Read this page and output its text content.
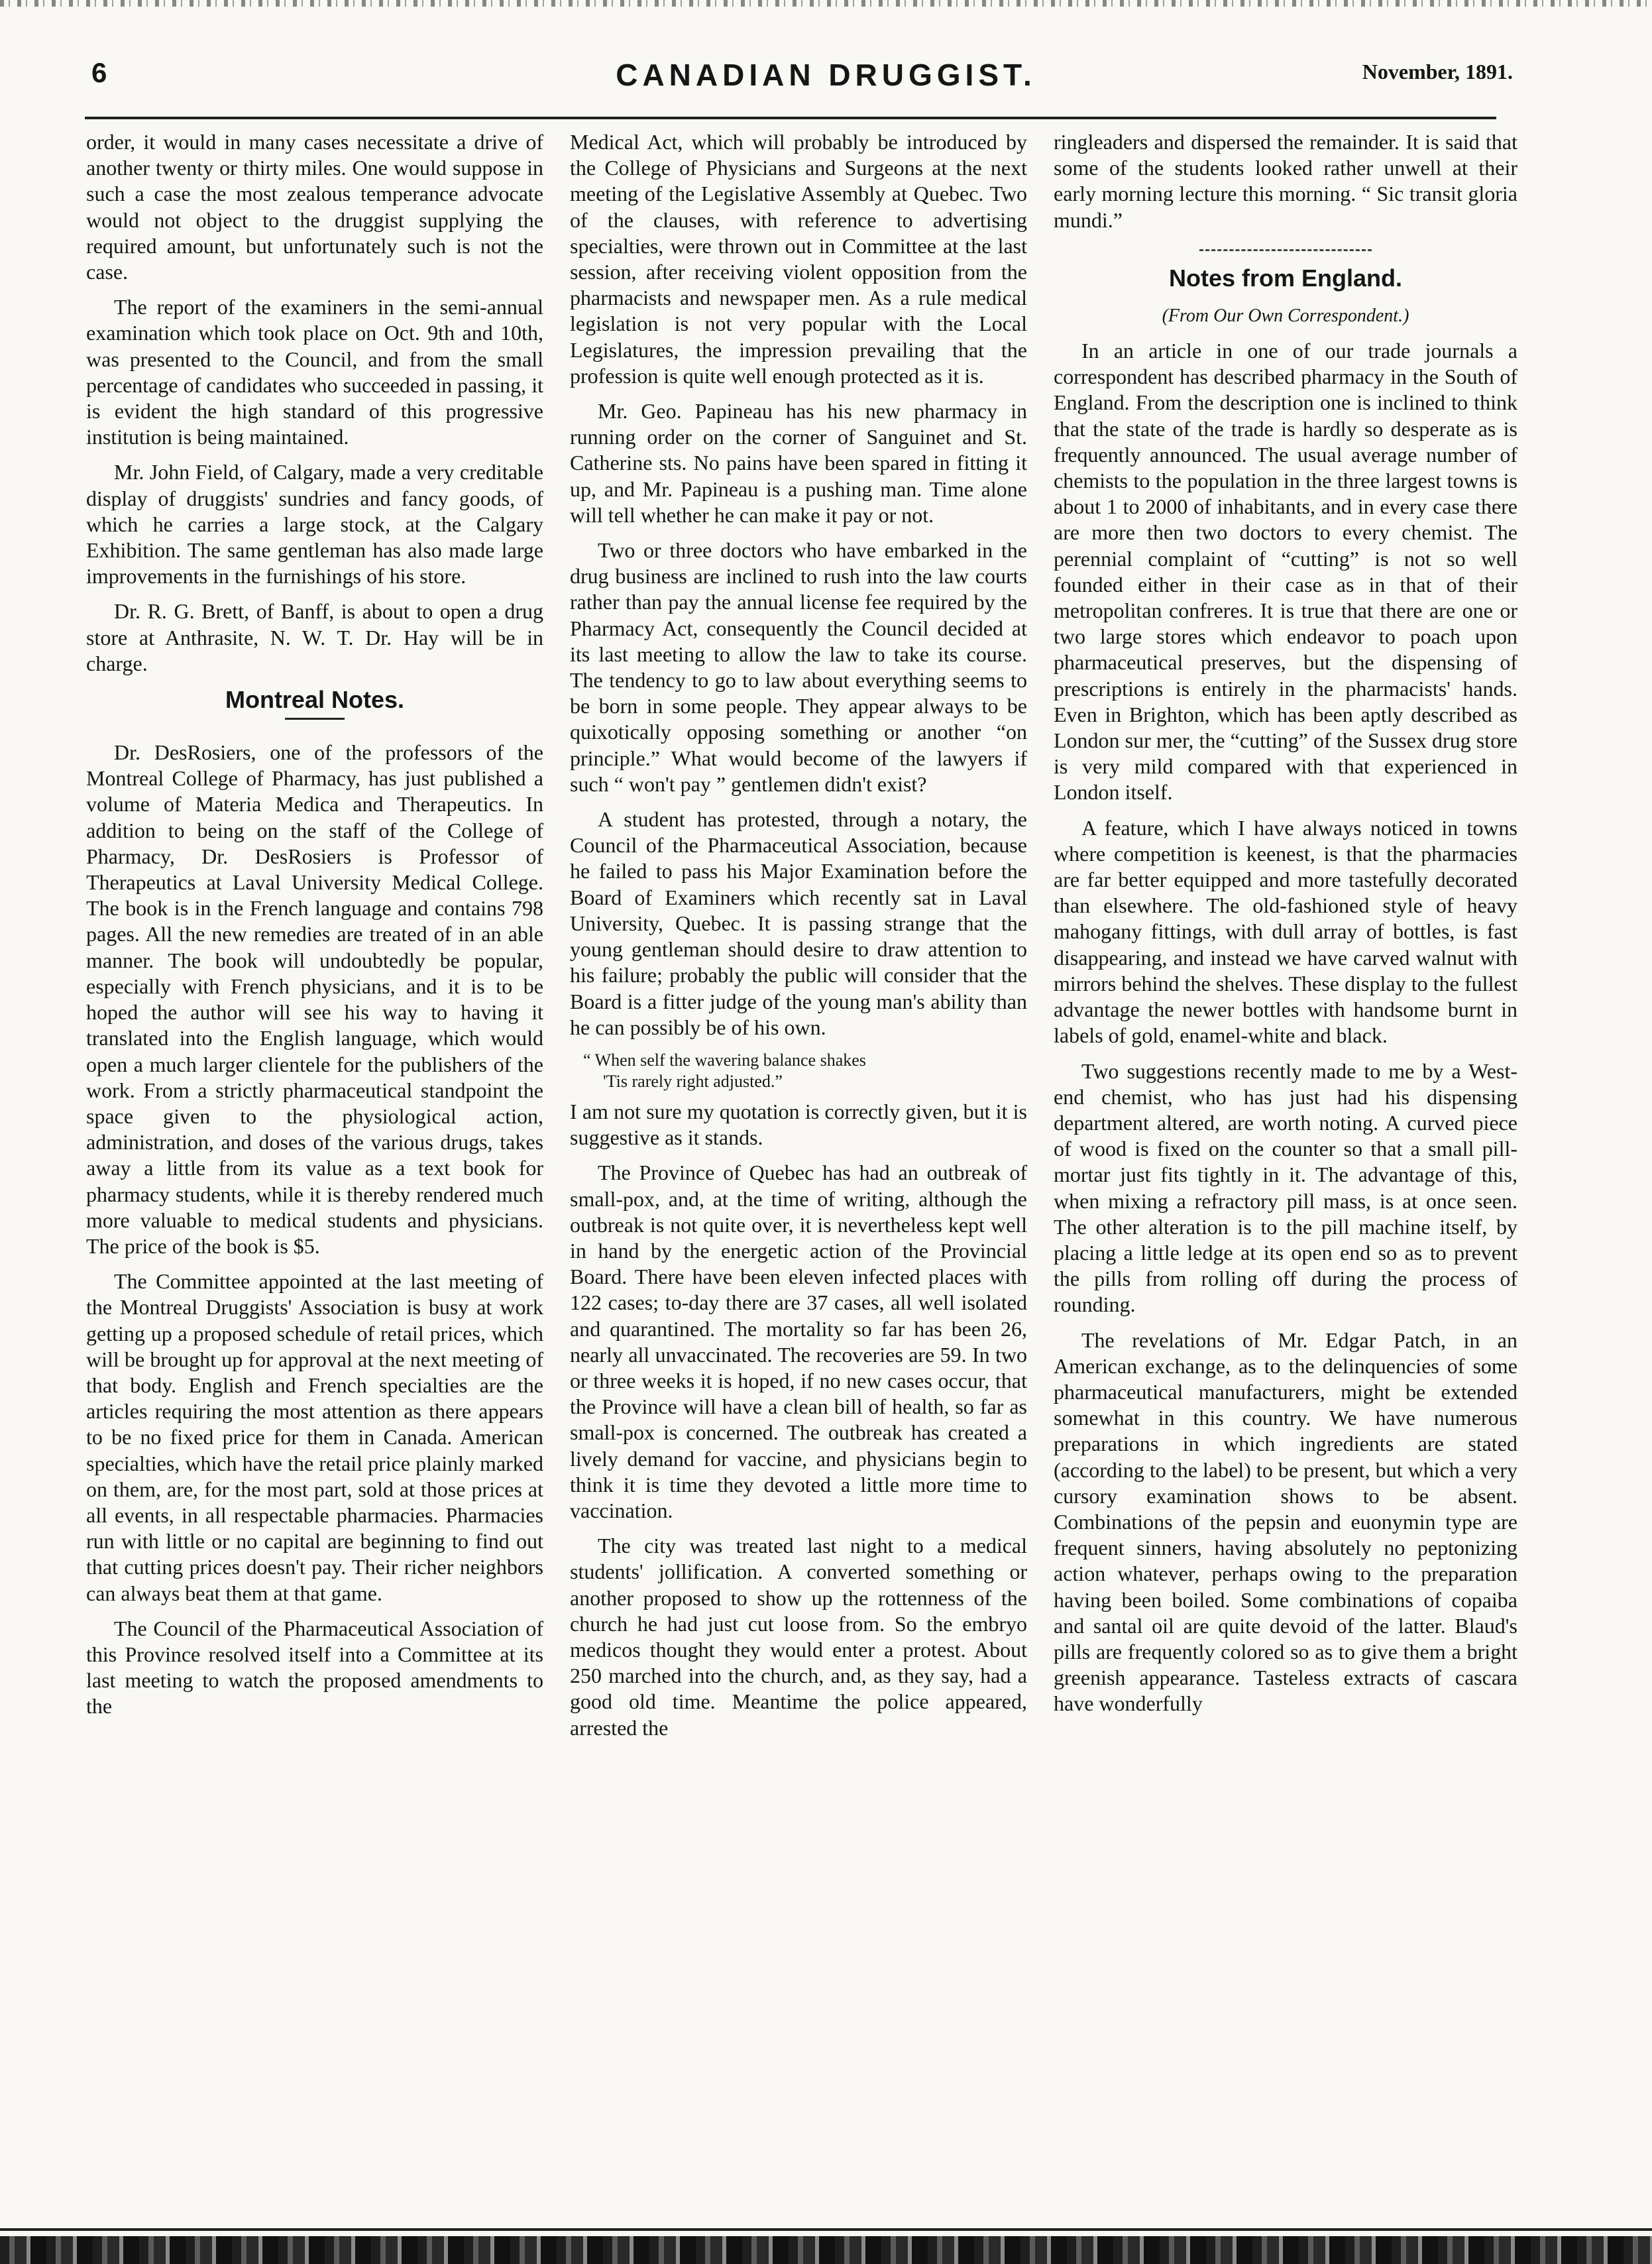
6	CANADIAN DRUGGIST.	November, 1891.

order, it would in many cases necessitate a drive of another twenty or thirty miles. One would suppose in such a case the most zealous temperance advocate would not object to the druggist supplying the required amount, but unfortunately such is not the case.

The report of the examiners in the semi-annual examination which took place on Oct. 9th and 10th, was presented to the Council, and from the small percentage of candidates who succeeded in passing, it is evident the high standard of this progressive institution is being maintained.

Mr. John Field, of Calgary, made a very creditable display of druggists' sundries and fancy goods, of which he carries a large stock, at the Calgary Exhibition. The same gentleman has also made large improvements in the furnishings of his store.

Dr. R. G. Brett, of Banff, is about to open a drug store at Anthrasite, N. W. T. Dr. Hay will be in charge.

Montreal Notes.

Dr. DesRosiers, one of the professors of the Montreal College of Pharmacy, has just published a volume of Materia Medica and Therapeutics. In addition to being on the staff of the College of Pharmacy, Dr. DesRosiers is Professor of Therapeutics at Laval University Medical College. The book is in the French language and contains 798 pages. All the new remedies are treated of in an able manner. The book will undoubtedly be popular, especially with French physicians, and it is to be hoped the author will see his way to having it translated into the English language, which would open a much larger clientele for the publishers of the work. From a strictly pharmaceutical standpoint the space given to the physiological action, administration, and doses of the various drugs, takes away a little from its value as a text book for pharmacy students, while it is thereby rendered much more valuable to medical students and physicians. The price of the book is $5.

The Committee appointed at the last meeting of the Montreal Druggists' Association is busy at work getting up a proposed schedule of retail prices, which will be brought up for approval at the next meeting of that body. English and French specialties are the articles requiring the most attention as there appears to be no fixed price for them in Canada. American specialties, which have the retail price plainly marked on them, are, for the most part, sold at those prices at all events, in all respectable pharmacies. Pharmacies run with little or no capital are beginning to find out that cutting prices doesn't pay. Their richer neighbors can always beat them at that game.

The Council of the Pharmaceutical Association of this Province resolved itself into a Committee at its last meeting to watch the proposed amendments to the

Medical Act, which will probably be introduced by the College of Physicians and Surgeons at the next meeting of the Legislative Assembly at Quebec. Two of the clauses, with reference to advertising specialties, were thrown out in Committee at the last session, after receiving violent opposition from the pharmacists and newspaper men. As a rule medical legislation is not very popular with the Local Legislatures, the impression prevailing that the profession is quite well enough protected as it is.

Mr. Geo. Papineau has his new pharmacy in running order on the corner of Sanguinet and St. Catherine sts. No pains have been spared in fitting it up, and Mr. Papineau is a pushing man. Time alone will tell whether he can make it pay or not.

Two or three doctors who have embarked in the drug business are inclined to rush into the law courts rather than pay the annual license fee required by the Pharmacy Act, consequently the Council decided at its last meeting to allow the law to take its course. The tendency to go to law about everything seems to be born in some people. They appear always to be quixotically opposing something or another “on principle.” What would become of the lawyers if such “ won't pay ” gentlemen didn't exist?

A student has protested, through a notary, the Council of the Pharmaceutical Association, because he failed to pass his Major Examination before the Board of Examiners which recently sat in Laval University, Quebec. It is passing strange that the young gentleman should desire to draw attention to his failure; probably the public will consider that the Board is a fitter judge of the young man's ability than he can possibly be of his own.

“ When self the wavering balance shakes
'Tis rarely right adjusted.”

I am not sure my quotation is correctly given, but it is suggestive as it stands.

The Province of Quebec has had an outbreak of small-pox, and, at the time of writing, although the outbreak is not quite over, it is nevertheless kept well in hand by the energetic action of the Provincial Board. There have been eleven infected places with 122 cases; to-day there are 37 cases, all well isolated and quarantined. The mortality so far has been 26, nearly all unvaccinated. The recoveries are 59. In two or three weeks it is hoped, if no new cases occur, that the Province will have a clean bill of health, so far as small-pox is concerned. The outbreak has created a lively demand for vaccine, and physicians begin to think it is time they devoted a little more time to vaccination.

The city was treated last night to a medical students' jollification. A converted something or another proposed to show up the rottenness of the church he had just cut loose from. So the embryo medicos thought they would enter a protest. About 250 marched into the church, and, as they say, had a good old time. Meantime the police appeared, arrested the

ringleaders and dispersed the remainder. It is said that some of the students looked rather unwell at their early morning lecture this morning. “ Sic transit gloria mundi.”

Notes from England.
(From Our Own Correspondent.)

In an article in one of our trade journals a correspondent has described pharmacy in the South of England. From the description one is inclined to think that the state of the trade is hardly so desperate as is frequently announced. The usual average number of chemists to the population in the three largest towns is about 1 to 2000 of inhabitants, and in every case there are more then two doctors to every chemist. The perennial complaint of “cutting” is not so well founded either in their case as in that of their metropolitan confreres. It is true that there are one or two large stores which endeavor to poach upon pharmaceutical preserves, but the dispensing of prescriptions is entirely in the pharmacists' hands. Even in Brighton, which has been aptly described as London sur mer, the “cutting” of the Sussex drug store is very mild compared with that experienced in London itself.

A feature, which I have always noticed in towns where competition is keenest, is that the pharmacies are far better equipped and more tastefully decorated than elsewhere. The old-fashioned style of heavy mahogany fittings, with dull array of bottles, is fast disappearing, and instead we have carved walnut with mirrors behind the shelves. These display to the fullest advantage the newer bottles with handsome burnt in labels of gold, enamel-white and black.

Two suggestions recently made to me by a West-end chemist, who has just had his dispensing department altered, are worth noting. A curved piece of wood is fixed on the counter so that a small pill-mortar just fits tightly in it. The advantage of this, when mixing a refractory pill mass, is at once seen. The other alteration is to the pill machine itself, by placing a little ledge at its open end so as to prevent the pills from rolling off during the process of rounding.

The revelations of Mr. Edgar Patch, in an American exchange, as to the delinquencies of some pharmaceutical manufacturers, might be extended somewhat in this country. We have numerous preparations in which ingredients are stated (according to the label) to be present, but which a very cursory examination shows to be absent. Combinations of the pepsin and euonymin type are frequent sinners, having absolutely no peptonizing action whatever, perhaps owing to the preparation having been boiled. Some combinations of copaiba and santal oil are quite devoid of the latter. Blaud's pills are frequently colored so as to give them a bright greenish appearance. Tasteless extracts of cascara have wonderfully
